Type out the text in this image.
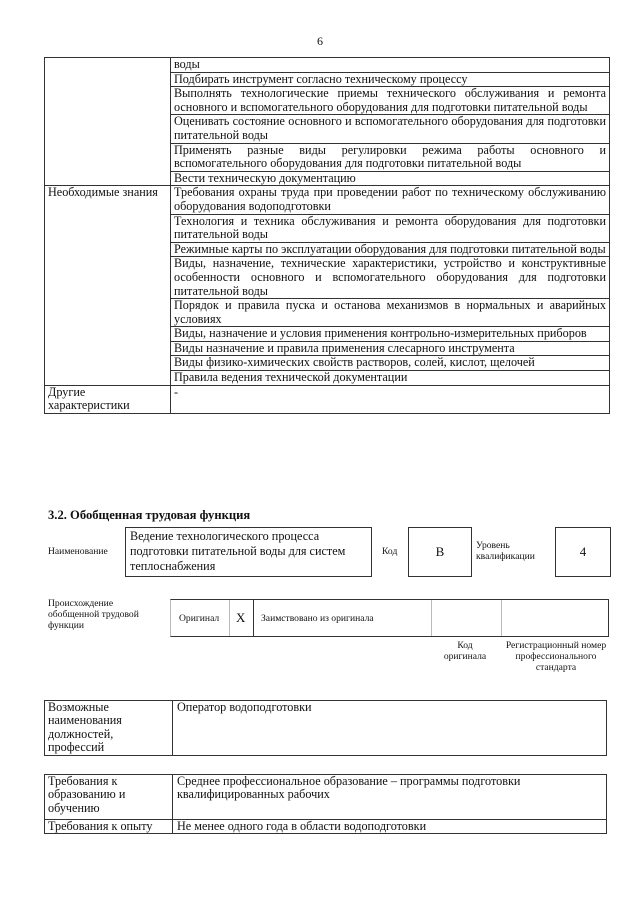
6
	воды
	Подбирать инструмент согласно техническому процессу
	Выполнять технологические приемы технического обслуживания и ремонта основного и вспомогательного оборудования для подготовки питательной воды
	Оценивать состояние основного и вспомогательного оборудования для подготовки питательной воды
	Применять разные виды регулировки режима работы основного и вспомогательного оборудования для подготовки питательной воды
	Вести техническую документацию
Необходимые знания	Требования охраны труда при проведении работ по техническому обслуживанию оборудования водоподготовки
	Технология и техника обслуживания и ремонта оборудования для подготовки питательной воды
	Режимные карты по эксплуатации оборудования для подготовки питательной воды
	Виды, назначение, технические характеристики, устройство и конструктивные особенности основного и вспомогательного оборудования для подготовки питательной воды
	Порядок и правила пуска и останова механизмов в нормальных и аварийных условиях
	Виды, назначение и условия применения контрольно-измерительных приборов
	Виды назначение и правила применения слесарного инструмента
	Виды физико-химических свойств растворов, солей, кислот, щелочей
	Правила ведения технической документации
Другие характеристики	-
3.2. Обобщенная трудовая функция
Наименование
Ведение технологического процесса подготовки питательной воды для систем теплоснабжения
Код	В	Уровень квалификации	4
Происхождение обобщенной трудовой функции
Оригинал X Заимствовано из оригинала
Код оригинала
Регистрационный номер профессионального стандарта
Возможные наименования должностей, профессий	Оператор водоподготовки
Требования к образованию и обучению	Среднее профессиональное образование – программы подготовки квалифицированных рабочих
Требования к опыту	Не менее одного года в области водоподготовки
